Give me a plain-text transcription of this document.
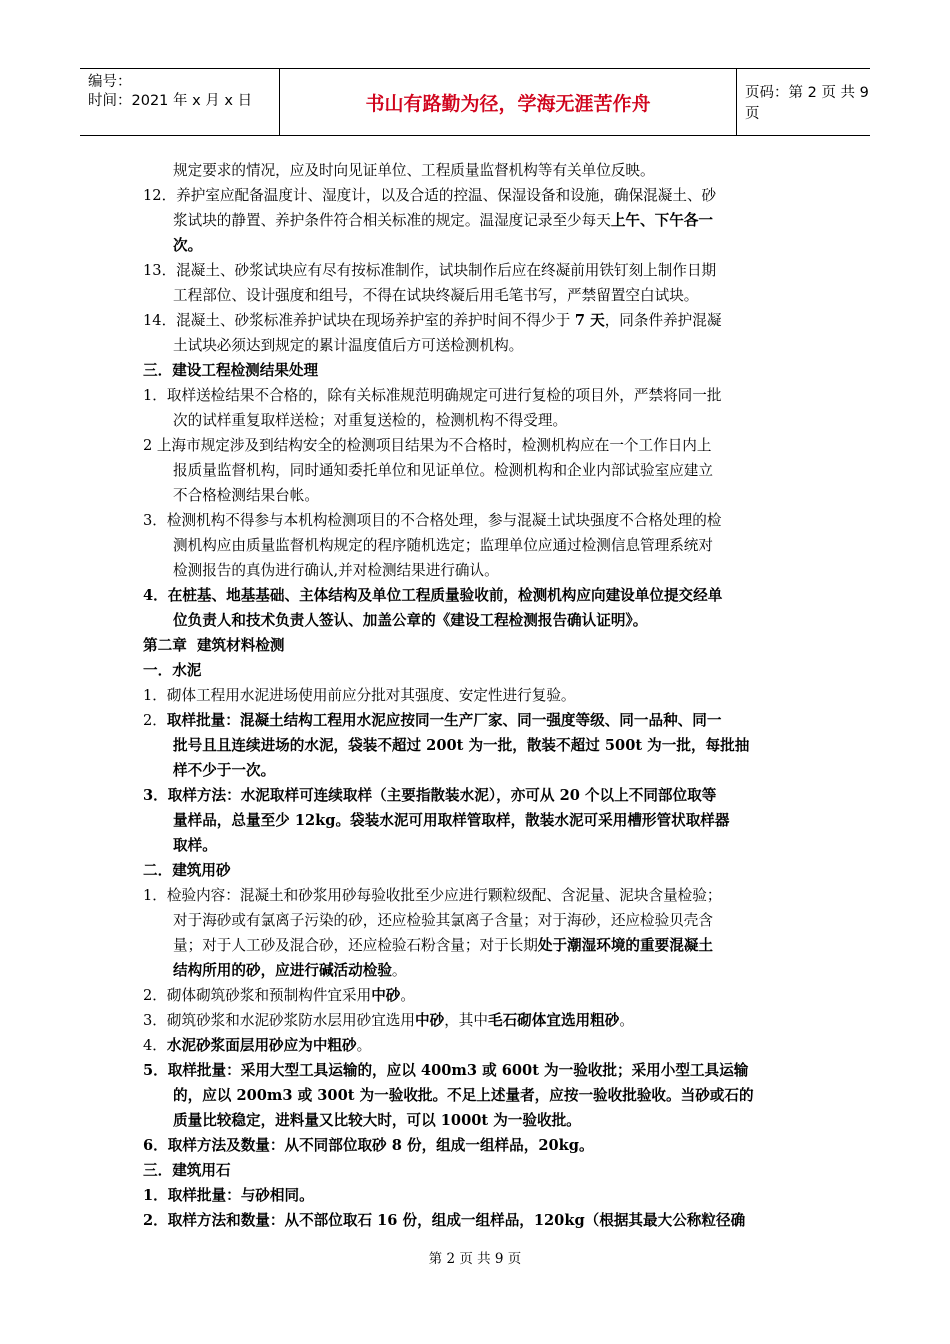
编号：
时间：2021 年 x 月 x 日	书山有路勤为径，学海无涯苦作舟	页码：第 2 页 共 9 页
规定要求的情况，应及时向见证单位、工程质量监督机构等有关单位反映。
12．养护室应配备温度计、湿度计，以及合适的控温、保湿设备和设施，确保混凝土、砂
浆试块的静置、养护条件符合相关标准的规定。温湿度记录至少每天上午、下午各一
次。
13．混凝土、砂浆试块应有尽有按标准制作，试块制作后应在终凝前用铁钉刻上制作日期
工程部位、设计强度和组号，不得在试块终凝后用毛笔书写，严禁留置空白试块。
14．混凝土、砂浆标准养护试块在现场养护室的养护时间不得少于 7 天，同条件养护混凝
土试块必须达到规定的累计温度值后方可送检测机构。
三．建设工程检测结果处理
1．取样送检结果不合格的，除有关标准规范明确规定可进行复检的项目外，严禁将同一批
次的试样重复取样送检；对重复送检的，检测机构不得受理。
2 上海市规定涉及到结构安全的检测项目结果为不合格时，检测机构应在一个工作日内上
报质量监督机构，同时通知委托单位和见证单位。检测机构和企业内部试验室应建立
不合格检测结果台帐。
3．检测机构不得参与本机构检测项目的不合格处理，参与混凝土试块强度不合格处理的检
测机构应由质量监督机构规定的程序随机选定；监理单位应通过检测信息管理系统对
检测报告的真伪进行确认,并对检测结果进行确认。
4．在桩基、地基基础、主体结构及单位工程质量验收前，检测机构应向建设单位提交经单
位负责人和技术负责人签认、加盖公章的《建设工程检测报告确认证明》。
第二章  建筑材料检测
一．水泥
1．砌体工程用水泥进场使用前应分批对其强度、安定性进行复验。
2．取样批量：混凝土结构工程用水泥应按同一生产厂家、同一强度等级、同一品种、同一
批号且且连续进场的水泥，袋装不超过 200t 为一批，散装不超过 500t 为一批，每批抽
样不少于一次。
3．取样方法：水泥取样可连续取样（主要指散装水泥），亦可从 20 个以上不同部位取等
量样品，总量至少 12kg。袋装水泥可用取样管取样，散装水泥可采用槽形管状取样器
取样。
二．建筑用砂
1．检验内容：混凝土和砂浆用砂每验收批至少应进行颗粒级配、含泥量、泥块含量检验；
对于海砂或有氯离子污染的砂，还应检验其氯离子含量；对于海砂，还应检验贝壳含
量；对于人工砂及混合砂，还应检验石粉含量；对于长期处于潮湿环境的重要混凝土
结构所用的砂，应进行碱活动检验。
2．砌体砌筑砂浆和预制构件宜采用中砂。
3．砌筑砂浆和水泥砂浆防水层用砂宜选用中砂，其中毛石砌体宜选用粗砂。
4．水泥砂浆面层用砂应为中粗砂。
5．取样批量：采用大型工具运输的，应以 400m3 或 600t 为一验收批；采用小型工具运输
的，应以 200m3 或 300t 为一验收批。不足上述量者，应按一验收批验收。当砂或石的
质量比较稳定，进料量又比较大时，可以 1000t 为一验收批。
6．取样方法及数量：从不同部位取砂 8 份，组成一组样品，20kg。
三．建筑用石
1．取样批量：与砂相同。
2．取样方法和数量：从不部位取石 16 份，组成一组样品，120kg（根据其最大公称粒径确
第 2 页 共 9 页
